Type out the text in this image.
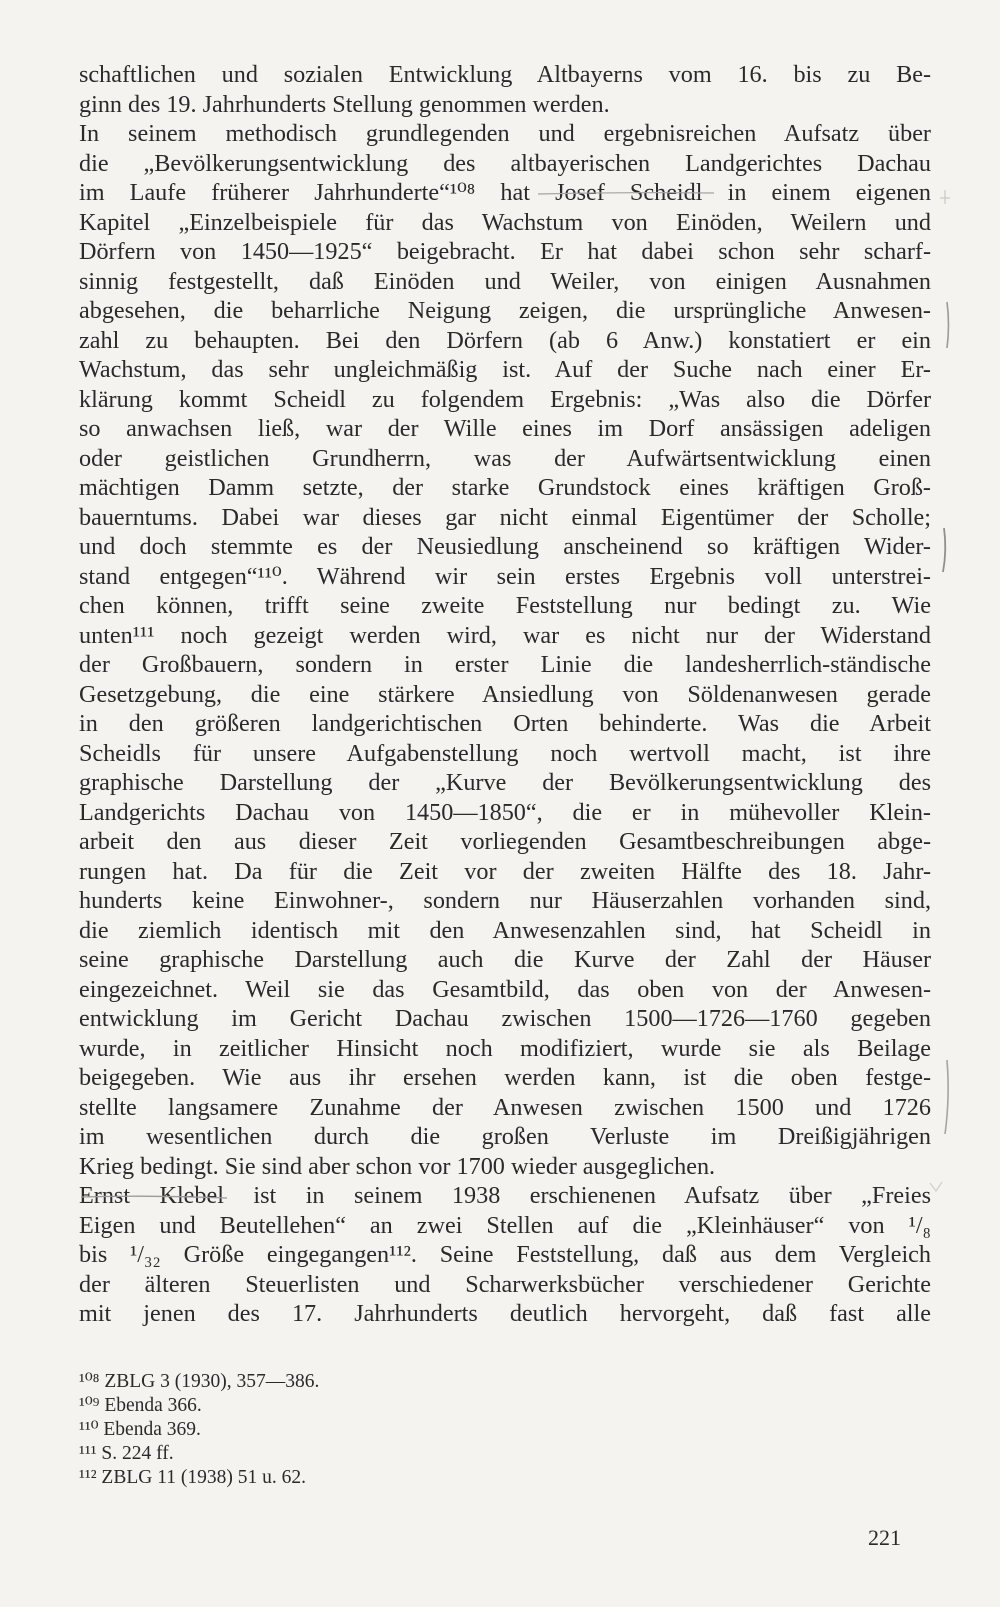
schaftlichen und sozialen Entwicklung Altbayerns vom 16. bis zu Be-
ginn des 19. Jahrhunderts Stellung genommen werden.
In seinem methodisch grundlegenden und ergebnisreichen Aufsatz über
die „Bevölkerungsentwicklung des altbayerischen Landgerichtes Dachau
im Laufe früherer Jahrhunderte“¹⁰⁸ hat Josef Scheidl in einem eigenen
Kapitel „Einzelbeispiele für das Wachstum von Einöden, Weilern und
Dörfern von 1450—1925“ beigebracht. Er hat dabei schon sehr scharf-
sinnig festgestellt, daß Einöden und Weiler, von einigen Ausnahmen
abgesehen, die beharrliche Neigung zeigen, die ursprüngliche Anwesen-
zahl zu behaupten. Bei den Dörfern (ab 6 Anw.) konstatiert er ein
Wachstum, das sehr ungleichmäßig ist. Auf der Suche nach einer Er-
klärung kommt Scheidl zu folgendem Ergebnis: „Was also die Dörfer
so anwachsen ließ, war der Wille eines im Dorf ansässigen adeligen
oder geistlichen Grundherrn, was der Aufwärtsentwicklung einen
mächtigen Damm setzte, der starke Grundstock eines kräftigen Groß-
bauerntums. Dabei war dieses gar nicht einmal Eigentümer der Scholle;
und doch stemmte es der Neusiedlung anscheinend so kräftigen Wider-
stand entgegen“¹¹⁰. Während wir sein erstes Ergebnis voll unterstrei-
chen können, trifft seine zweite Feststellung nur bedingt zu. Wie
unten¹¹¹ noch gezeigt werden wird, war es nicht nur der Widerstand
der Großbauern, sondern in erster Linie die landesherrlich-ständische
Gesetzgebung, die eine stärkere Ansiedlung von Söldenanwesen gerade
in den größeren landgerichtischen Orten behinderte. Was die Arbeit
Scheidls für unsere Aufgabenstellung noch wertvoll macht, ist ihre
graphische Darstellung der „Kurve der Bevölkerungsentwicklung des
Landgerichts Dachau von 1450—1850“, die er in mühevoller Klein-
arbeit den aus dieser Zeit vorliegenden Gesamtbeschreibungen abge-
rungen hat. Da für die Zeit vor der zweiten Hälfte des 18. Jahr-
hunderts keine Einwohner-, sondern nur Häuserzahlen vorhanden sind,
die ziemlich identisch mit den Anwesenzahlen sind, hat Scheidl in
seine graphische Darstellung auch die Kurve der Zahl der Häuser
eingezeichnet. Weil sie das Gesamtbild, das oben von der Anwesen-
entwicklung im Gericht Dachau zwischen 1500—1726—1760 gegeben
wurde, in zeitlicher Hinsicht noch modifiziert, wurde sie als Beilage
beigegeben. Wie aus ihr ersehen werden kann, ist die oben festge-
stellte langsamere Zunahme der Anwesen zwischen 1500 und 1726
im wesentlichen durch die großen Verluste im Dreißigjährigen
Krieg bedingt. Sie sind aber schon vor 1700 wieder ausgeglichen.
Ernst Klebel ist in seinem 1938 erschienenen Aufsatz über „Freies
Eigen und Beutellehen“ an zwei Stellen auf die „Kleinhäuser“ von ¹/₈
bis ¹/₃₂ Größe eingegangen¹¹². Seine Feststellung, daß aus dem Vergleich
der älteren Steuerlisten und Scharwerksbücher verschiedener Gerichte
mit jenen des 17. Jahrhunderts deutlich hervorgeht, daß fast alle
¹⁰⁸ ZBLG 3 (1930), 357—386.
¹⁰⁹ Ebenda 366.
¹¹⁰ Ebenda 369.
¹¹¹ S. 224 ff.
¹¹² ZBLG 11 (1938) 51 u. 62.
221
